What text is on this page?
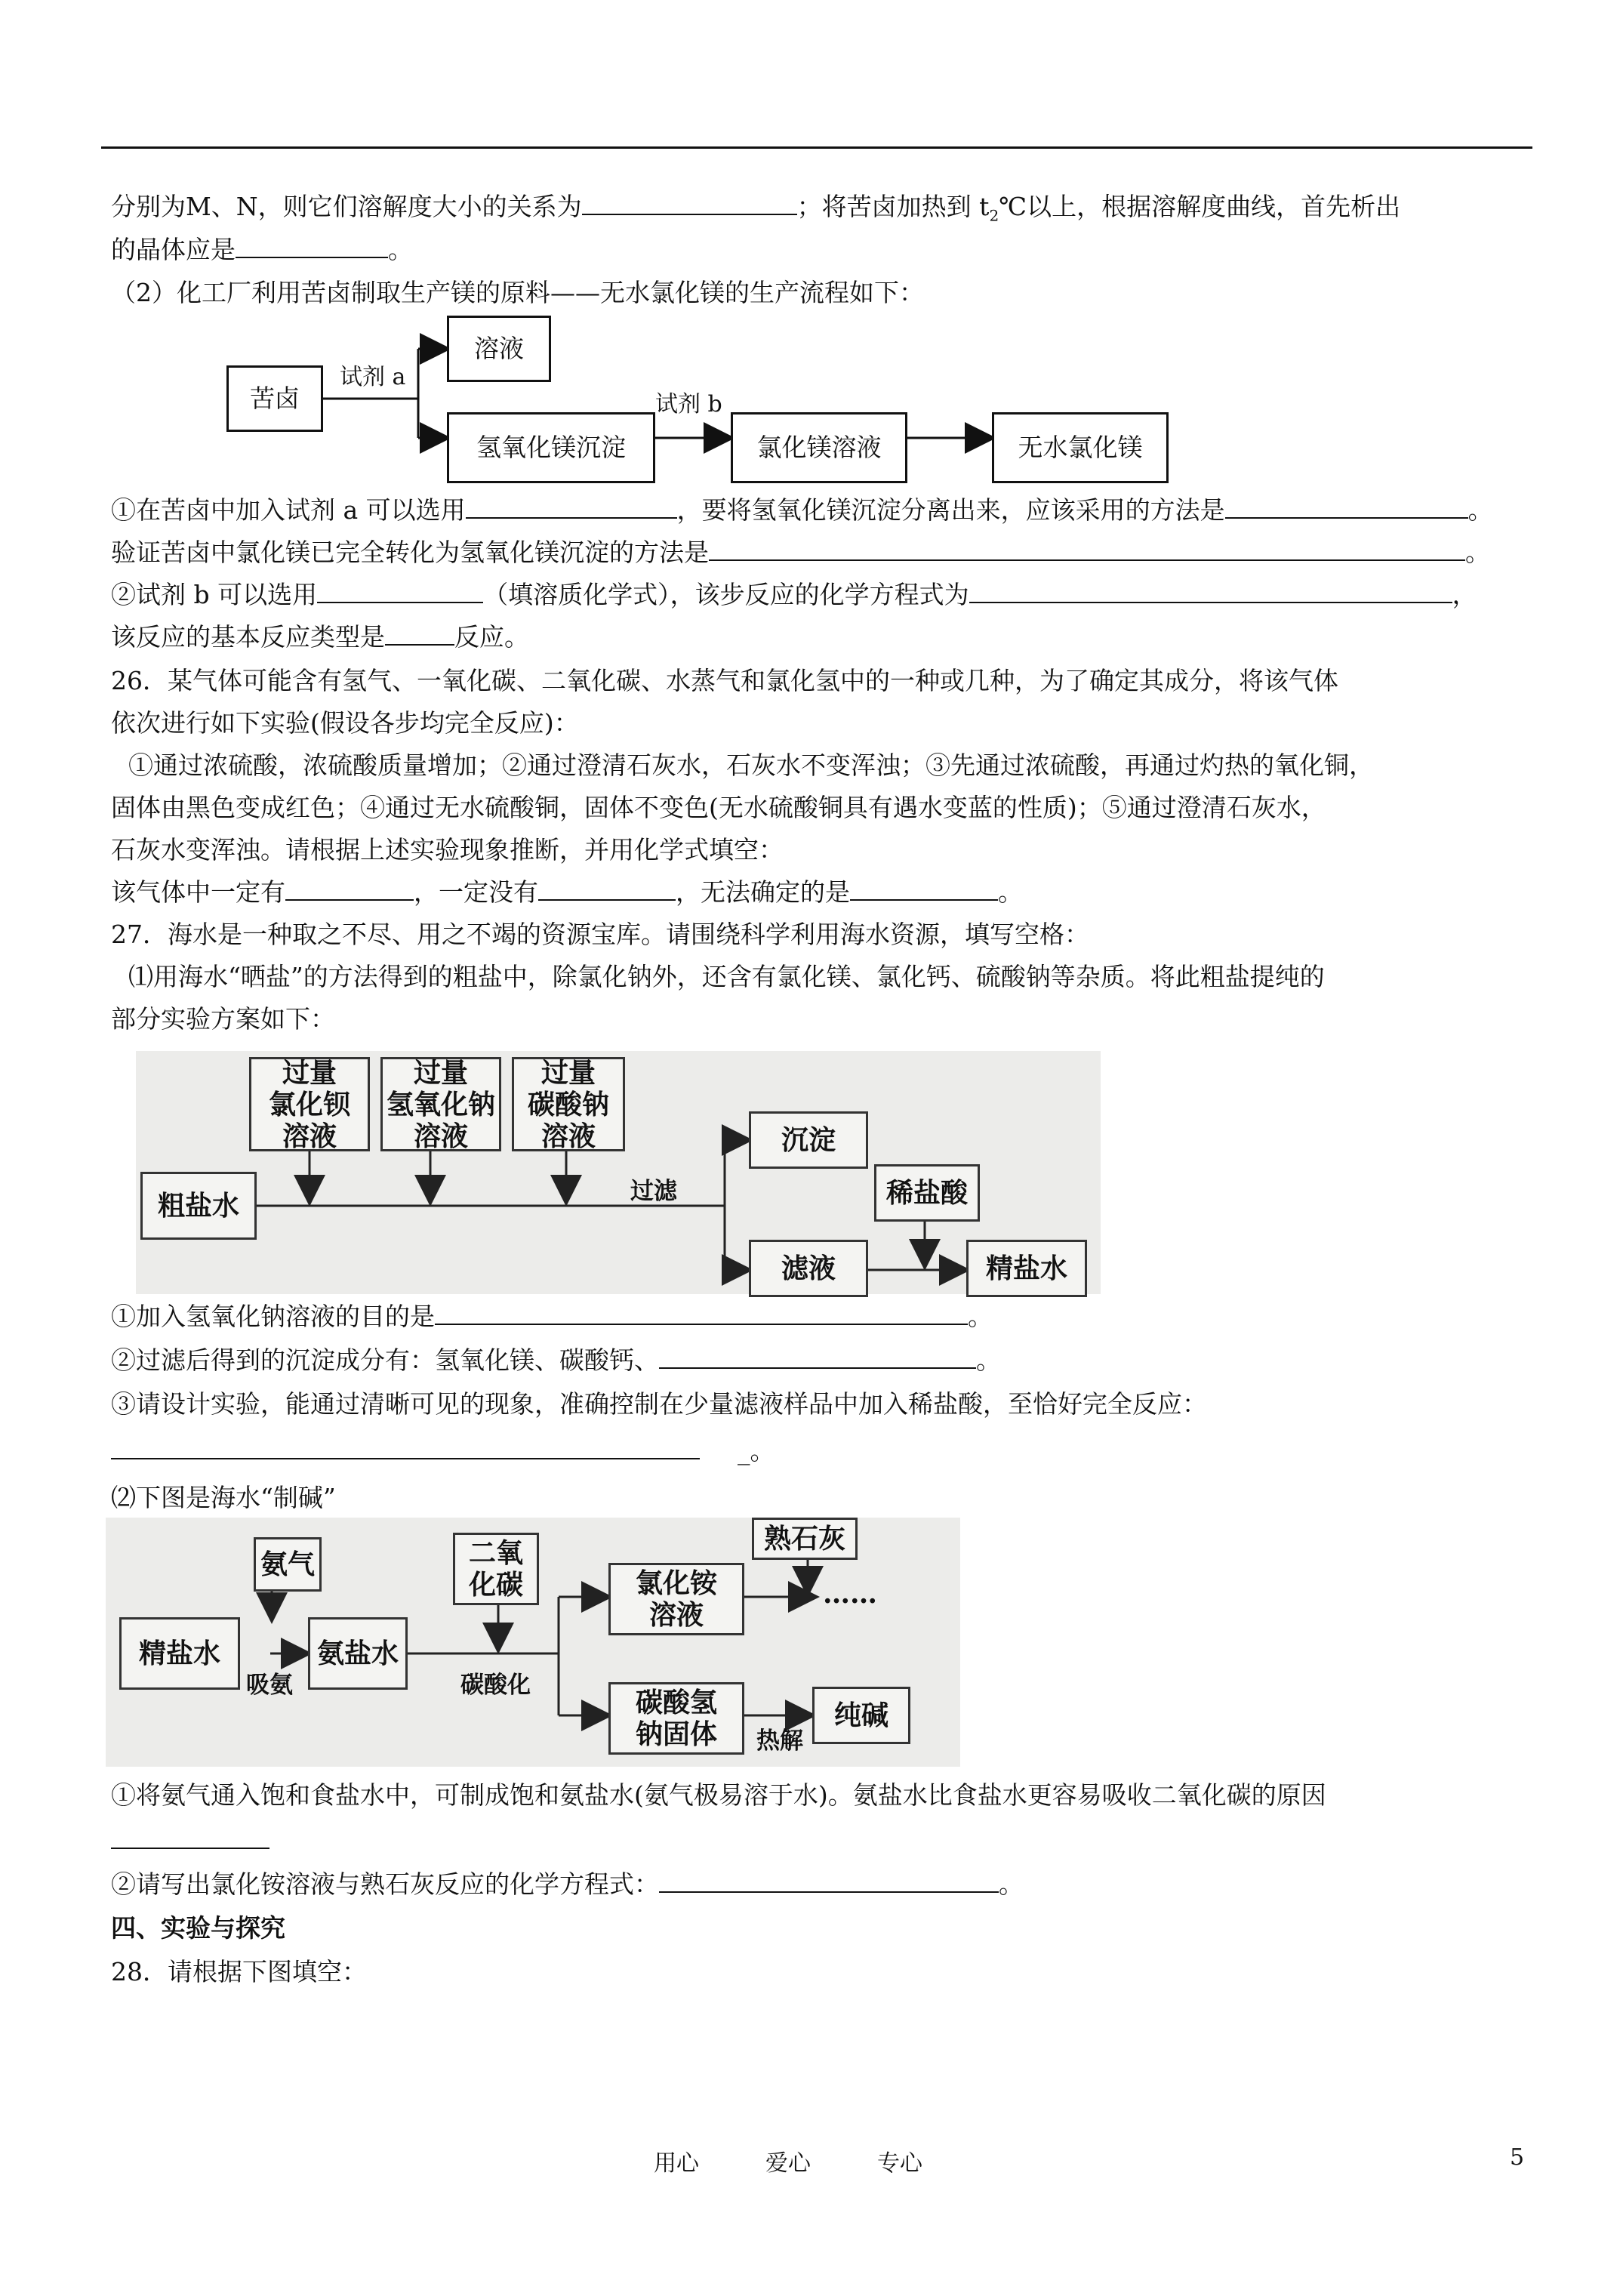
分别为M、N，则它们溶解度大小的关系为	；将苦卤加热到 $t_2℃$以上，根据溶解度曲线，首先析出
的晶体应是	。
（2）化工厂利用苦卤制取生产镁的原料——无水氯化镁的生产流程如下：
苦卤
试剂 a
溶液
氢氧化镁沉淀
试剂 b
氯化镁溶液	无水氯化镁
①在苦卤中加入试剂 a 可以选用	，要将氢氧化镁沉淀分离出来，应该采用的方法是	。
验证苦卤中氯化镁已完全转化为氢氧化镁沉淀的方法是	。
②试剂 b 可以选用	（填溶质化学式），该步反应的化学方程式为	，
该反应的基本反应类型是	反应。
26．某气体可能含有氢气、一氧化碳、二氧化碳、水蒸气和氯化氢中的一种或几种，为了确定其成分，将该气体
依次进行如下实验(假设各步均完全反应)：
①通过浓硫酸，浓硫酸质量增加；②通过澄清石灰水，石灰水不变浑浊；③先通过浓硫酸，再通过灼热的氧化铜，
固体由黑色变成红色；④通过无水硫酸铜，固体不变色(无水硫酸铜具有遇水变蓝的性质)；⑤通过澄清石灰水，
石灰水变浑浊。请根据上述实验现象推断，并用化学式填空：
该气体中一定有	，一定没有	，无法确定的是	。
27．海水是一种取之不尽、用之不竭的资源宝库。请围绕科学利用海水资源，填写空格：
⑴用海水“晒盐”的方法得到的粗盐中，除氯化钠外，还含有氯化镁、氯化钙、硫酸钠等杂质。将此粗盐提纯的
部分实验方案如下：
过量
氯化钡
溶液
过量
氢氧化钠
溶液
过量
碳酸钠
溶液
粗盐水	过滤
沉淀
滤液
稀盐酸
精盐水
①加入氢氧化钠溶液的目的是	。
②过滤后得到的沉淀成分有：氢氧化镁、碳酸钙、	。
③请设计实验，能通过清晰可见的现象，准确控制在少量滤液样品中加入稀盐酸，至恰好完全反应：
_。
⑵下图是海水“制碱”
氨气	二氧
化碳
熟石灰
精盐水
吸氨
氨盐水
碳酸化
氯化铵
溶液
……
碳酸氢
钠固体	热解
纯碱
①将氨气通入饱和食盐水中，可制成饱和氨盐水(氨气极易溶于水)。氨盐水比食盐水更容易吸收二氧化碳的原因
②请写出氯化铵溶液与熟石灰反应的化学方程式：	。
四、实验与探究
28．请根据下图填空：
用心	爱心	专心	5
